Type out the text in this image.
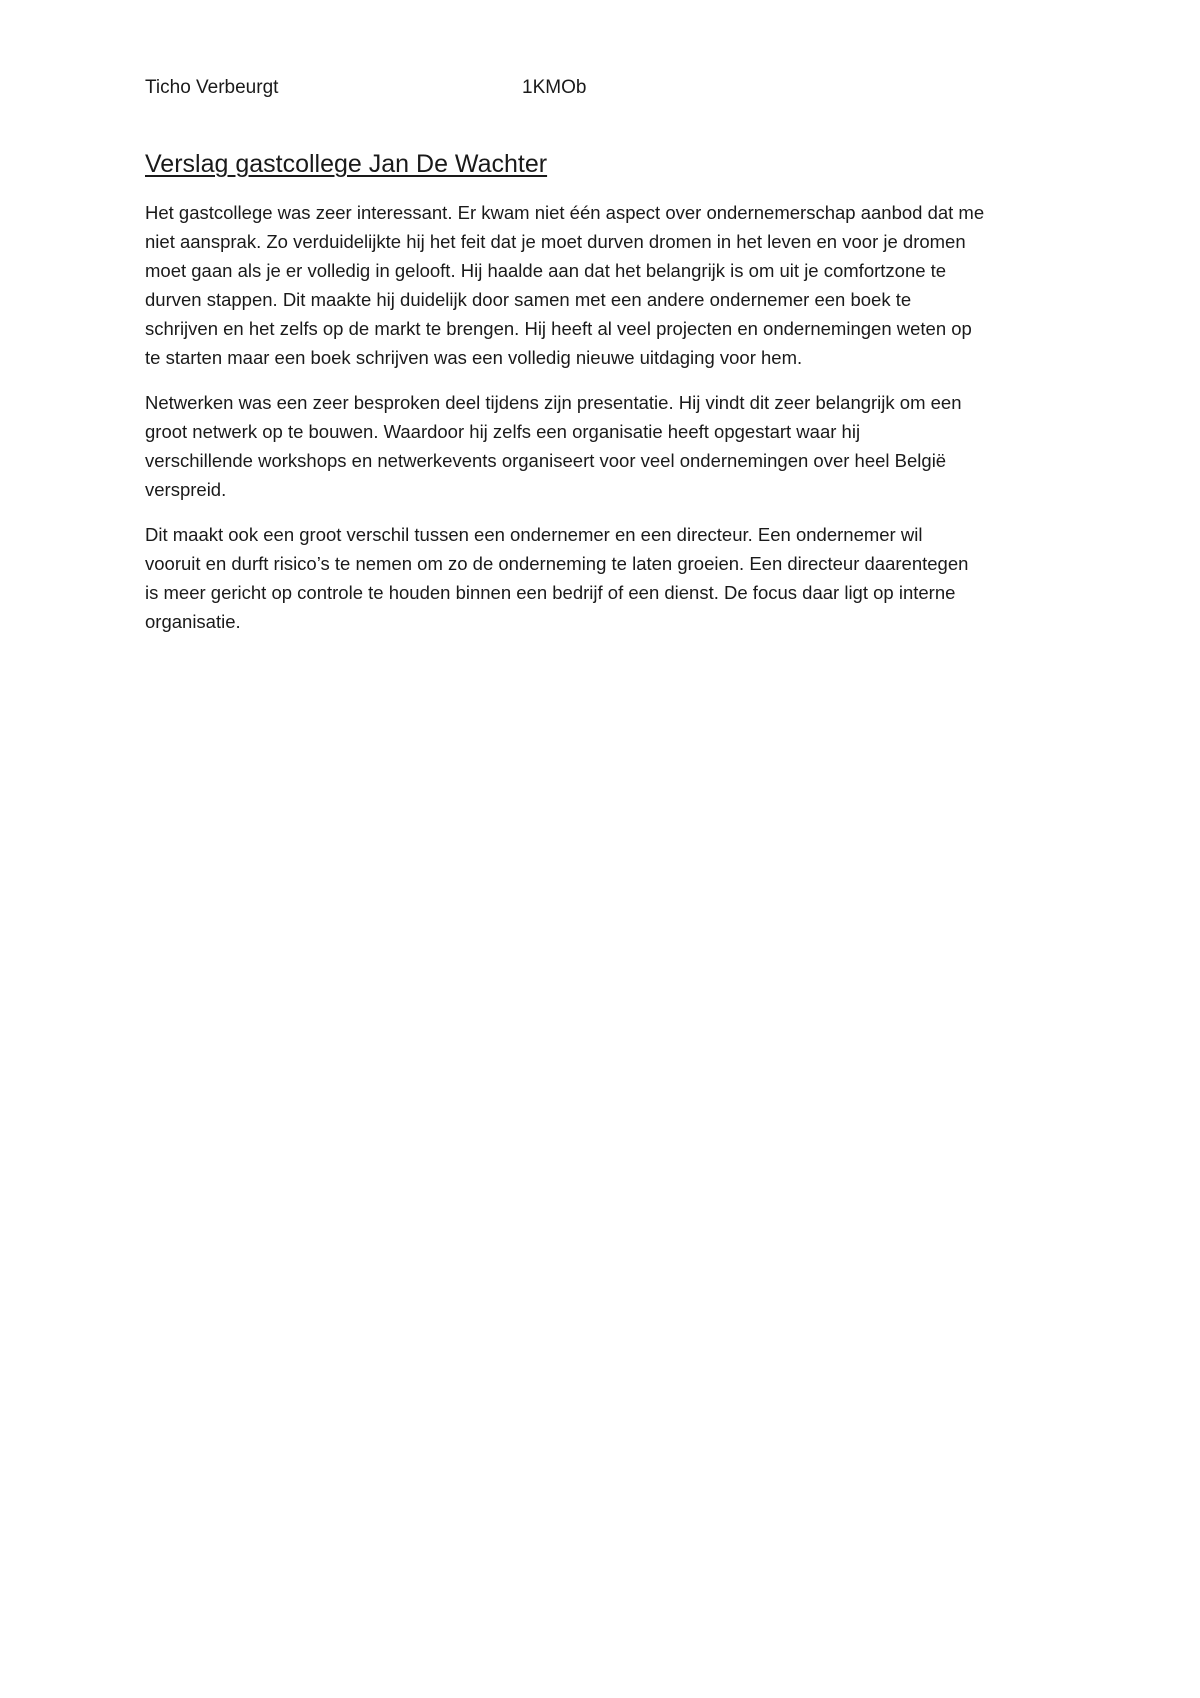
Ticho Verbeurgt	1KMOb
Verslag gastcollege Jan De Wachter

Het gastcollege was zeer interessant. Er kwam niet één aspect over ondernemerschap aanbod dat me
niet aansprak. Zo verduidelijkte hij het feit dat je moet durven dromen in het leven en voor je dromen
moet gaan als je er volledig in gelooft. Hij haalde aan dat het belangrijk is om uit je comfortzone te
durven stappen. Dit maakte hij duidelijk door samen met een andere ondernemer een boek te
schrijven en het zelfs op de markt te brengen. Hij heeft al veel projecten en ondernemingen weten op
te starten maar een boek schrijven was een volledig nieuwe uitdaging voor hem.

Netwerken was een zeer besproken deel tijdens zijn presentatie. Hij vindt dit zeer belangrijk om een
groot netwerk op te bouwen. Waardoor hij zelfs een organisatie heeft opgestart waar hij
verschillende workshops en netwerkevents organiseert voor veel ondernemingen over heel België
verspreid.

Dit maakt ook een groot verschil tussen een ondernemer en een directeur. Een ondernemer wil
vooruit en durft risico’s te nemen om zo de onderneming te laten groeien. Een directeur daarentegen
is meer gericht op controle te houden binnen een bedrijf of een dienst. De focus daar ligt op interne
organisatie.
